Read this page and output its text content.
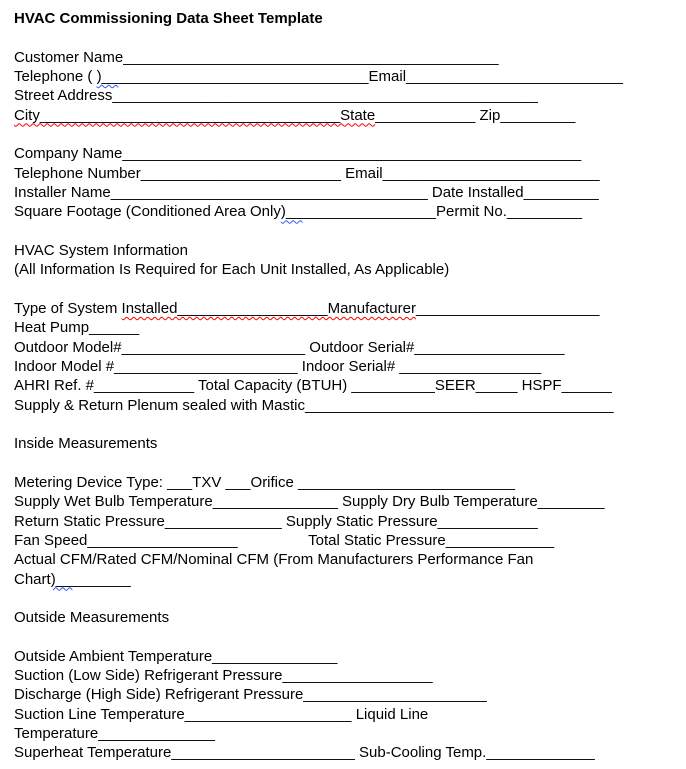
HVAC Commissioning Data Sheet Template

Customer Name_____________________________________________
Telephone ( )________________________________Email__________________________
Street Address___________________________________________________
City____________________________________State____________ Zip_________

Company Name_______________________________________________________
Telephone Number________________________ Email__________________________
Installer Name______________________________________ Date Installed_________
Square Footage (Conditioned Area Only)__________________Permit No._________

HVAC System Information
(All Information Is Required for Each Unit Installed, As Applicable)

Type of System Installed__________________Manufacturer______________________
Heat Pump______
Outdoor Model#______________________ Outdoor Serial#__________________
Indoor Model #______________________ Indoor Serial# _________________
AHRI Ref. #____________ Total Capacity (BTUH) __________SEER_____ HSPF______
Supply & Return Plenum sealed with Mastic_____________________________________

Inside Measurements

Metering Device Type: ___TXV ___Orifice __________________________
Supply Wet Bulb Temperature_______________ Supply Dry Bulb Temperature________
Return Static Pressure______________ Supply Static Pressure____________
Fan Speed__________________	Total Static Pressure_____________
Actual CFM/Rated CFM/Nominal CFM (From Manufacturers Performance Fan
Chart)_________

Outside Measurements

Outside Ambient Temperature_______________
Suction (Low Side) Refrigerant Pressure__________________
Discharge (High Side) Refrigerant Pressure______________________
Suction Line Temperature____________________ Liquid Line
Temperature______________
Superheat Temperature______________________ Sub-Cooling Temp._____________
